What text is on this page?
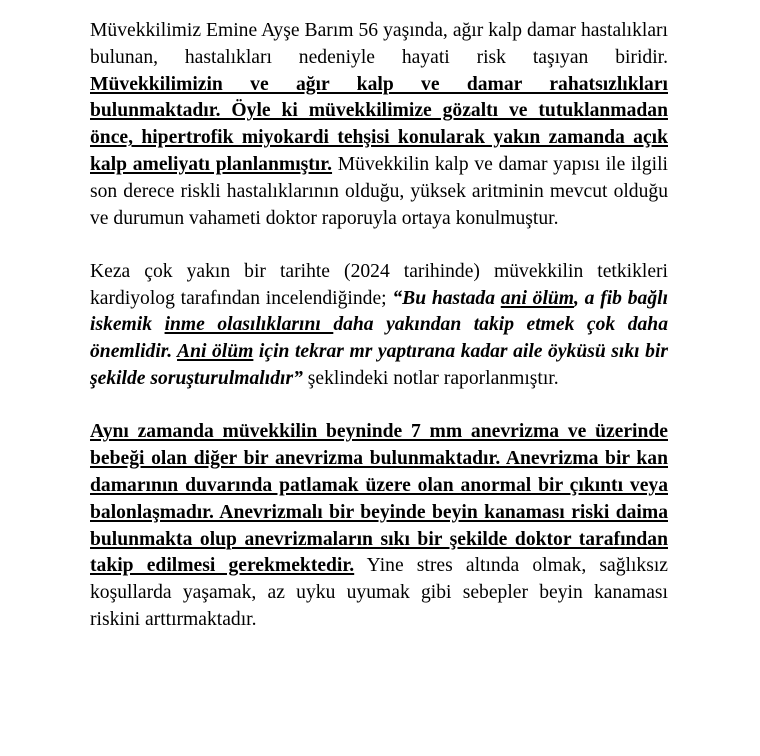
Müvekkilimiz Emine Ayşe Barım 56 yaşında, ağır kalp damar hastalıkları bulunan, hastalıkları nedeniyle hayati risk taşıyan biridir. Müvekkilimizin ve ağır kalp ve damar rahatsızlıkları bulunmaktadır. Öyle ki müvekkilimize gözaltı ve tutuklanmadan önce, hipertrofik miyokardi tehşisi konularak yakın zamanda açık kalp ameliyatı planlanmıştır. Müvekkilin kalp ve damar yapısı ile ilgili son derece riskli hastalıklarının olduğu, yüksek aritminin mevcut olduğu ve durumun vahameti doktor raporuyla ortaya konulmuştur.

Keza çok yakın bir tarihte (2024 tarihinde) müvekkilin tetkikleri kardiyolog tarafından incelendiğinde; “Bu hastada ani ölüm, a fib bağlı iskemik inme olasılıklarını daha yakından takip etmek çok daha önemlidir. Ani ölüm için tekrar mr yaptırana kadar aile öyküsü sıkı bir şekilde soruşturulmalıdır” şeklindeki notlar raporlanmıştır.

Aynı zamanda müvekkilin beyninde 7 mm anevrizma ve üzerinde bebeği olan diğer bir anevrizma bulunmaktadır. Anevrizma bir kan damarının duvarında patlamak üzere olan anormal bir çıkıntı veya balonlaşmadır. Anevrizmalı bir beyinde beyin kanaması riski daima bulunmakta olup anevrizmaların sıkı bir şekilde doktor tarafından takip edilmesi gerekmektedir. Yine stres altında olmak, sağlıksız koşullarda yaşamak, az uyku uyumak gibi sebepler beyin kanaması riskini arttırmaktadır.
